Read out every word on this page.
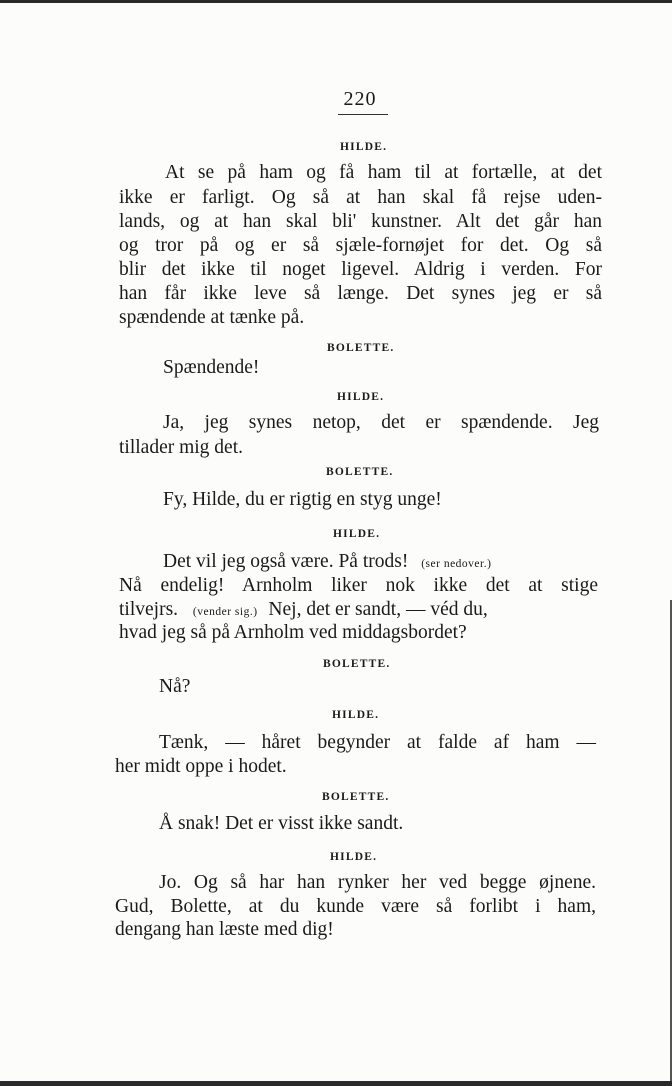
220
HILDE.
At se på ham og få ham til at fortælle, at det
ikke er farligt. Og så at han skal få rejse uden-
lands, og at han skal bli' kunstner. Alt det går han
og tror på og er så sjæle-fornøjet for det. Og så
blir det ikke til noget ligevel. Aldrig i verden. For
han får ikke leve så længe. Det synes jeg er så
spændende at tænke på.
BOLETTE.
Spændende!
HILDE.
Ja, jeg synes netop, det er spændende. Jeg
tillader mig det.
BOLETTE.
Fy, Hilde, du er rigtig en styg unge!
HILDE.
Det vil jeg også være. På trods! (ser nedover.)
Nå endelig! Arnholm liker nok ikke det at stige
tilvejrs. (vender sig.) Nej, det er sandt, — véd du,
hvad jeg så på Arnholm ved middagsbordet?
BOLETTE.
Nå?
HILDE.
Tænk, — håret begynder at falde af ham —
her midt oppe i hodet.
BOLETTE.
Å snak! Det er visst ikke sandt.
HILDE.
Jo. Og så har han rynker her ved begge øjnene.
Gud, Bolette, at du kunde være så forlibt i ham,
dengang han læste med dig!
